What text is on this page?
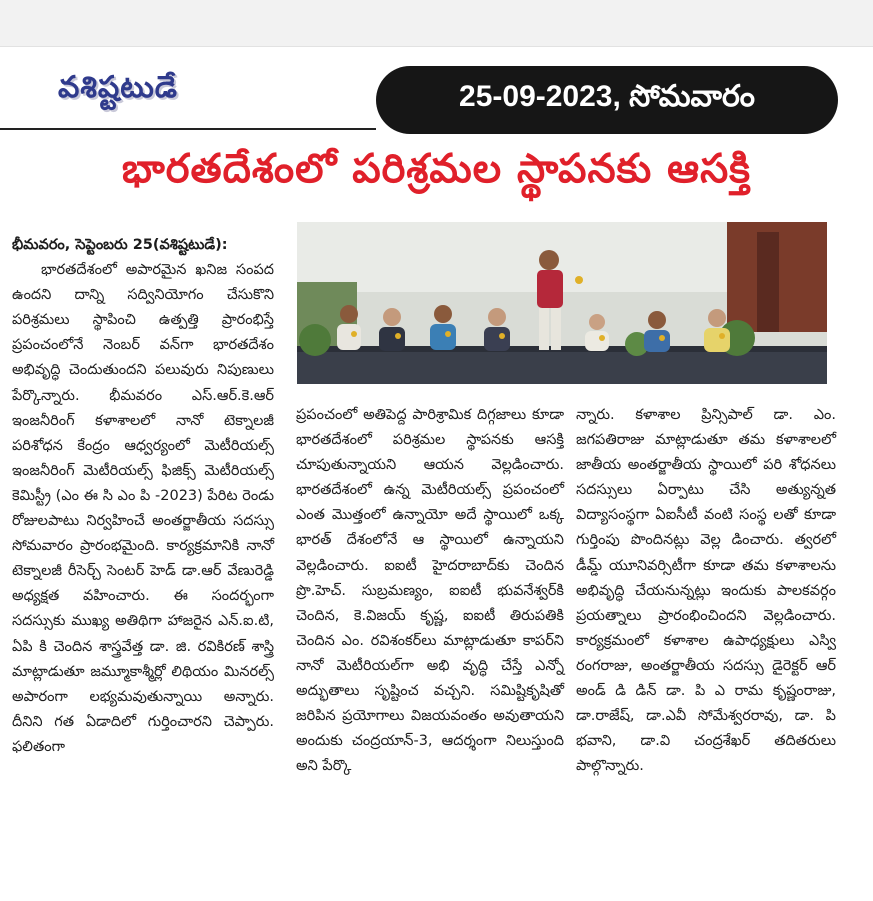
వశిష్టటుడే	25-09-2023, సోమవారం
భారతదేశంలో పరిశ్రమల స్థాపనకు ఆసక్తి

భీమవరం, సెప్టెంబరు 25(వశిష్టటుడే):

భారతదేశంలో అపారమైన ఖనిజ సంపద ఉందని దాన్ని సద్వినియోగం చేసుకొని పరిశ్రమలు స్థాపించి ఉత్పత్తి ప్రారంభిస్తే ప్రపంచంలోనే నెంబర్ వన్‌గా భారతదేశం అభివృద్ధి చెందుతుందని పలువురు నిపుణులు పేర్కొన్నారు. భీమవరం ఎస్.ఆర్.కె.ఆర్ ఇంజనీరింగ్ కళాశాలలో నానో టెక్నాలజీ పరిశోధన కేంద్రం ఆధ్వర్యంలో మెటీరియల్స్ ఇంజనీరింగ్ మెటీరియల్స్ ఫిజిక్స్ మెటీరియల్స్ కెమిస్ట్రీ (ఎం ఈ సి ఎం పి -2023) పేరిట రెండు రోజులపాటు నిర్వహించే అంతర్జాతీయ సదస్సు సోమవారం ప్రారంభమైంది. కార్యక్రమానికి నానో టెక్నాలజీ రీసెర్చ్ సెంటర్ హెడ్ డా.ఆర్ వేణురెడ్డి అధ్యక్షత వహించారు. ఈ సందర్భంగా సదస్సుకు ముఖ్య అతిథిగా హాజరైన ఎన్.ఐ.టి, ఏపి కి చెందిన శాస్త్రవేత్త డా. జి. రవికిరణ్ శాస్త్రి మాట్లాడుతూ జమ్మూకాశ్మీర్లో లిథియం మినరల్స్ అపారంగా లభ్యమవుతున్నాయి అన్నారు. దీనిని గత ఏడాదిలో గుర్తించారని చెప్పారు. ఫలితంగా

ప్రపంచంలో అతిపెద్ద పారిశ్రామిక దిగ్గజాలు కూడా భారతదేశంలో పరిశ్రమల స్థాపనకు ఆసక్తి చూపుతున్నాయని ఆయన వెల్లడించారు. భారతదేశంలో ఉన్న మెటీరియల్స్ ప్రపంచంలో ఎంత మొత్తంలో ఉన్నాయో అదే స్థాయిలో ఒక్క భారత్ దేశంలోనే ఆ స్థాయిలో ఉన్నాయని వెల్లడించారు. ఐఐటీ హైదరాబాద్‌కు చెందిన ప్రొ.హెచ్. సుబ్రమణ్యం, ఐఐటీ భువనేశ్వర్‌కి చెందిన, కె.విజయ్ కృష్ణ, ఐఐటీ తిరుపతికి చెందిన ఎం. రవిశంకర్‌లు మాట్లాడుతూ కాపర్‌ని నానో మెటీరియల్‌గా అభి వృద్ధి చేస్తే ఎన్నో అద్భుతాలు సృష్టించ వచ్చని. సమిష్టికృషితో జరిపిన ప్రయోగాలు విజయవంతం అవుతాయని అందుకు చంద్రయాన్-3, ఆదర్శంగా నిలుస్తుంది అని పేర్కొ

న్నారు. కళాశాల ప్రిన్సిపాల్ డా. ఎం. జగపతిరాజు మాట్లాడుతూ తమ కళాశాలలో జాతీయ అంతర్జాతీయ స్థాయిలో పరి శోధనలు సదస్సులు ఏర్పాటు చేసి అత్యున్నత విద్యాసంస్థగా ఏఐసీటీ వంటి సంస్థ లతో కూడా గుర్తింపు పొందినట్లు వెల్ల డించారు. త్వరలో డీమ్డ్ యూనివర్సిటీగా కూడా తమ కళాశాలను అభివృద్ధి చేయనున్నట్లు ఇందుకు పాలకవర్గం ప్రయత్నాలు ప్రారంభించిందని వెల్లడించారు. కార్యక్రమంలో కళాశాల ఉపాధ్యక్షులు ఎస్వి రంగరాజు, అంతర్జాతీయ సదస్సు డైరెక్టర్ ఆర్ అండ్ డి డిన్ డా. పి ఎ రామ కృష్ణంరాజు, డా.రాజేష్, డా.ఎవీ సోమేశ్వరరావు, డా. పి భవాని, డా.వి చంద్రశేఖర్ తదితరులు పాల్గొన్నారు.
